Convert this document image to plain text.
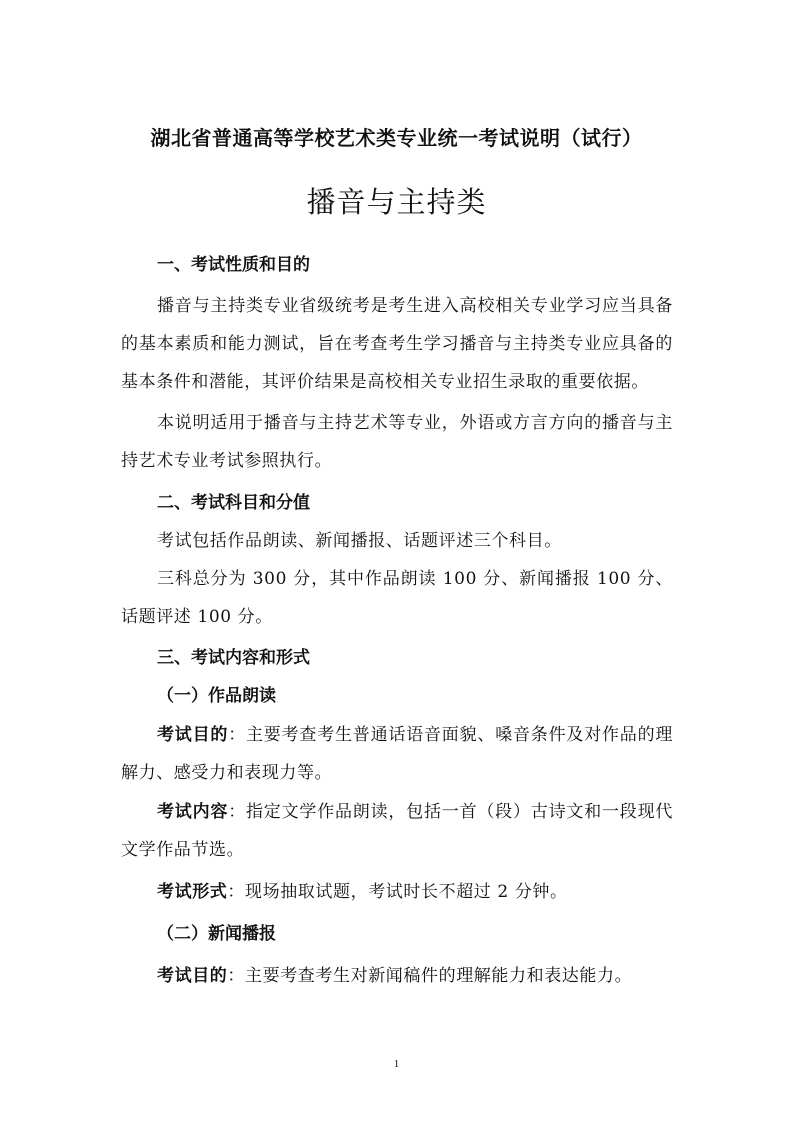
湖北省普通高等学校艺术类专业统一考试说明（试行）
播音与主持类
一、考试性质和目的

播音与主持类专业省级统考是考生进入高校相关专业学习应当具备的基本素质和能力测试，旨在考查考生学习播音与主持类专业应具备的基本条件和潜能，其评价结果是高校相关专业招生录取的重要依据。

本说明适用于播音与主持艺术等专业，外语或方言方向的播音与主持艺术专业考试参照执行。

二、考试科目和分值

考试包括作品朗读、新闻播报、话题评述三个科目。

三科总分为 300 分，其中作品朗读 100 分、新闻播报 100 分、话题评述 100 分。

三、考试内容和形式
（一）作品朗读

考试目的：主要考查考生普通话语音面貌、嗓音条件及对作品的理解力、感受力和表现力等。

考试内容：指定文学作品朗读，包括一首（段）古诗文和一段现代文学作品节选。

考试形式：现场抽取试题，考试时长不超过 2 分钟。

（二）新闻播报

考试目的：主要考查考生对新闻稿件的理解能力和表达能力。

1
